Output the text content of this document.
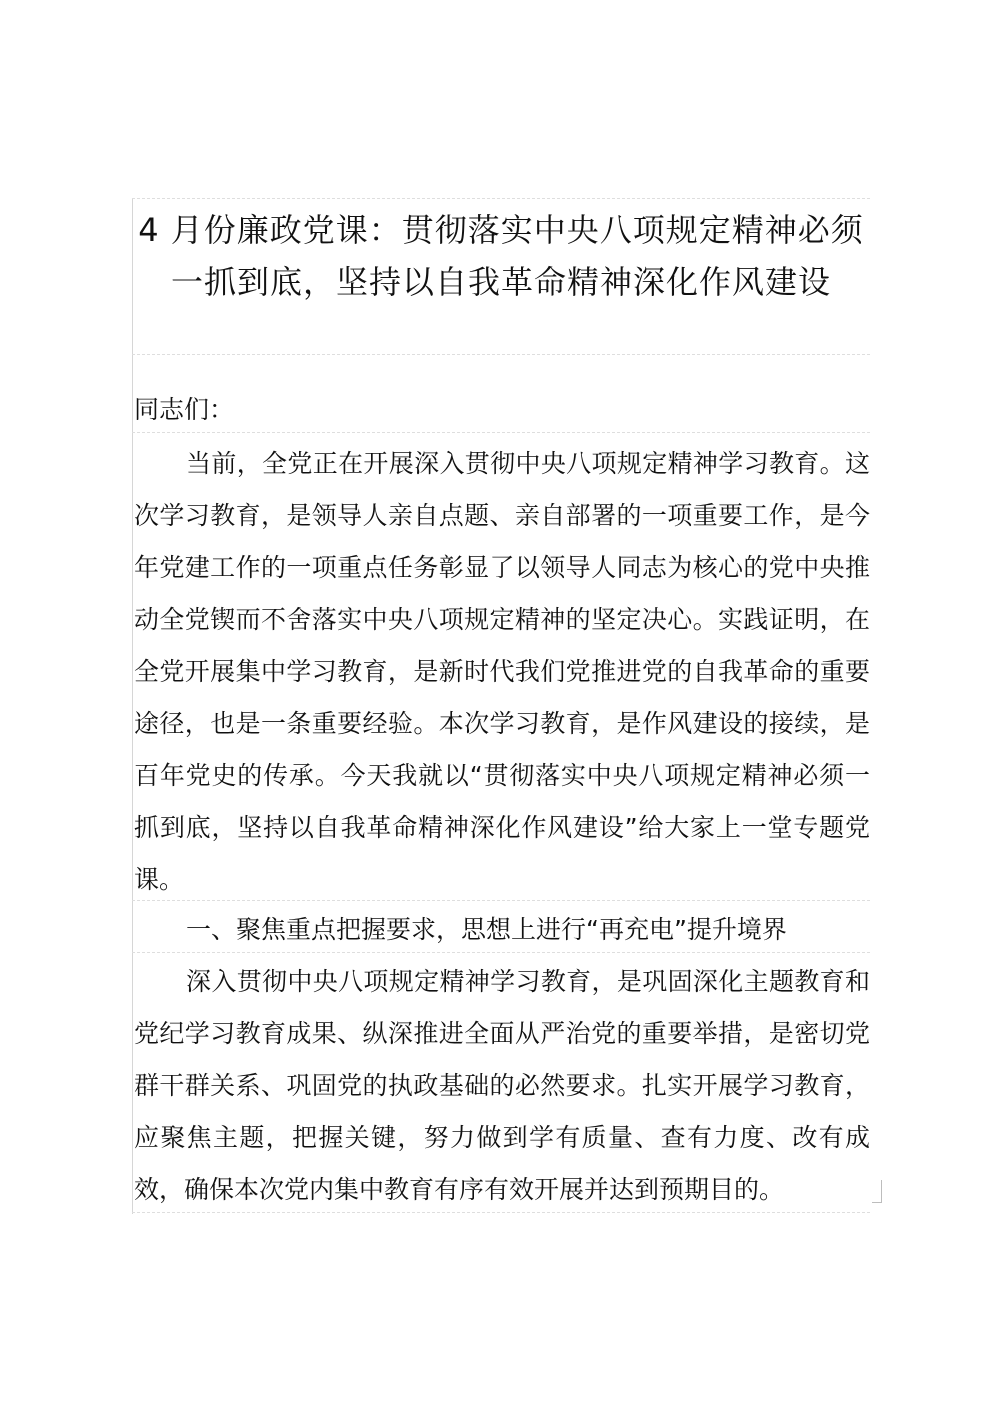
4 月份廉政党课：贯彻落实中央八项规定精神必须一抓到底，坚持以自我革命精神深化作风建设

同志们：

当前，全党正在开展深入贯彻中央八项规定精神学习教育。这次学习教育，是领导人亲自点题、亲自部署的一项重要工作，是今年党建工作的一项重点任务彰显了以领导人同志为核心的党中央推动全党锲而不舍落实中央八项规定精神的坚定决心。实践证明，在全党开展集中学习教育，是新时代我们党推进党的自我革命的重要途径，也是一条重要经验。本次学习教育，是作风建设的接续，是百年党史的传承。今天我就以“贯彻落实中央八项规定精神必须一抓到底，坚持以自我革命精神深化作风建设”给大家上一堂专题党课。

一、聚焦重点把握要求，思想上进行“再充电”提升境界

深入贯彻中央八项规定精神学习教育，是巩固深化主题教育和党纪学习教育成果、纵深推进全面从严治党的重要举措，是密切党群干群关系、巩固党的执政基础的必然要求。扎实开展学习教育，应聚焦主题，把握关键，努力做到学有质量、查有力度、改有成效，确保本次党内集中教育有序有效开展并达到预期目的。
